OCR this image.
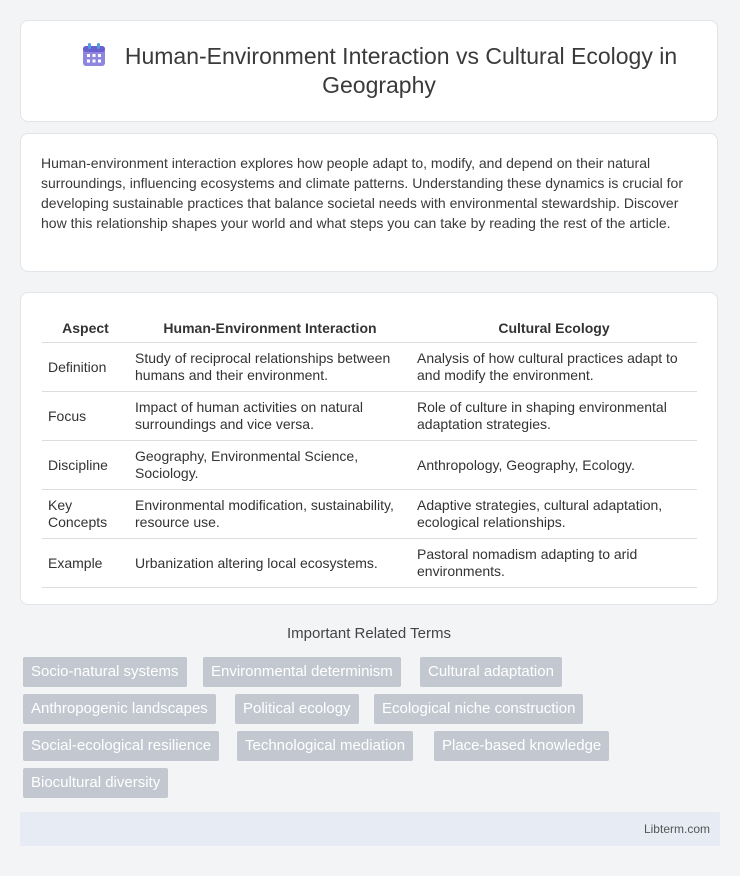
Human-Environment Interaction vs Cultural Ecology in Geography

Human-environment interaction explores how people adapt to, modify, and depend on their natural surroundings, influencing ecosystems and climate patterns. Understanding these dynamics is crucial for developing sustainable practices that balance societal needs with environmental stewardship. Discover how this relationship shapes your world and what steps you can take by reading the rest of the article.

Aspect	Human-Environment Interaction	Cultural Ecology
Definition	Study of reciprocal relationships between humans and their environment.	Analysis of how cultural practices adapt to and modify the environment.
Focus	Impact of human activities on natural surroundings and vice versa.	Role of culture in shaping environmental adaptation strategies.
Discipline	Geography, Environmental Science, Sociology.	Anthropology, Geography, Ecology.
Key Concepts	Environmental modification, sustainability, resource use.	Adaptive strategies, cultural adaptation, ecological relationships.
Example	Urbanization altering local ecosystems.	Pastoral nomadism adapting to arid environments.
Important Related Terms
Socio-natural systems	Environmental determinism	Cultural adaptation
Anthropogenic landscapes	Political ecology	Ecological niche construction
Social-ecological resilience	Technological mediation	Place-based knowledge
Biocultural diversity
Libterm.com
